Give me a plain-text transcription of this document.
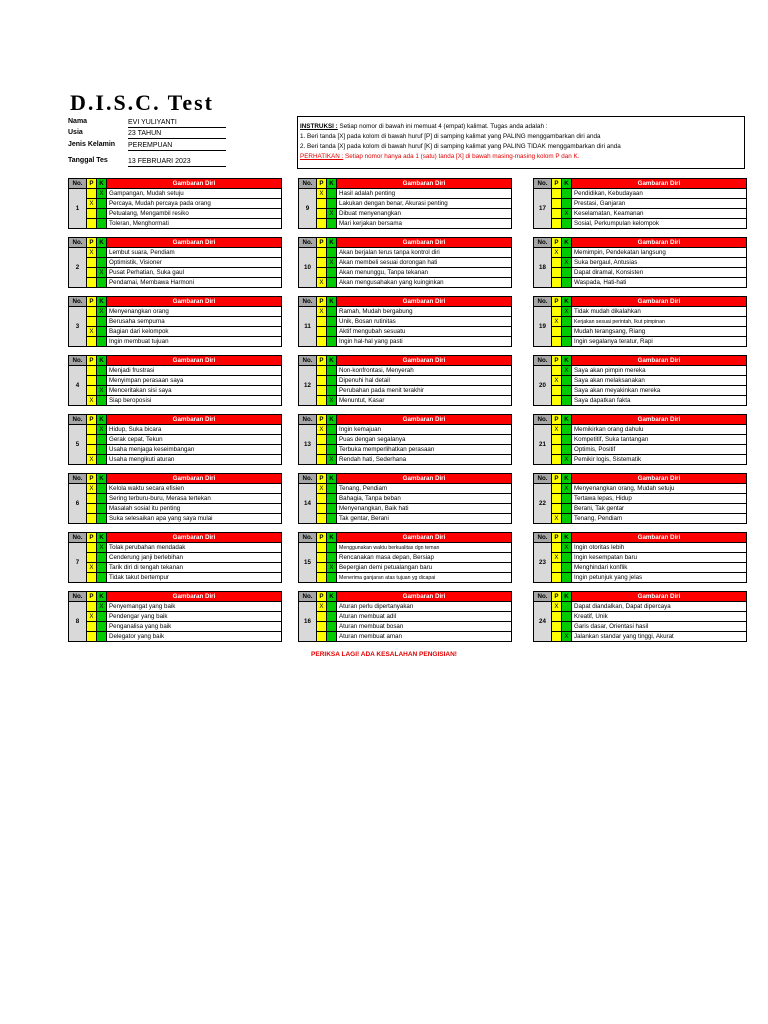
D.I.S.C. Test
Nama	EVI YULIYANTI
Usia	23 TAHUN
Jenis Kelamin PEREMPUAN
Tanggal Tes	13 FEBRUARI 2023
INSTRUKSI : Setiap nomor di bawah ini memuat 4 (empat) kalimat. Tugas anda adalah :
1. Beri tanda [X] pada kolom di bawah huruf [P] di samping kalimat yang PALING menggambarkan diri anda
2. Beri tanda [X] pada kolom di bawah huruf [K] di samping kalimat yang PALING TIDAK menggambarkan diri anda
PERHATIKAN : Setiap nomor hanya ada 1 (satu) tanda [X] di bawah masing-masing kolom P dan K.
No.	P	K	Gambaran Diri
1		X	Gampangan, Mudah setuju
	X		Percaya, Mudah percaya pada orang
			Petualang, Mengambil resiko
			Toleran, Menghormati
No.	P	K	Gambaran Diri
2	X		Lembut suara, Pendiam
			Optimistik, Visioner
		X	Pusat Perhatian, Suka gaul
			Pendamai, Membawa Harmoni
No.	P	K	Gambaran Diri
3		X	Menyenangkan orang
			Berusaha sempurna
	X		Bagian dari kelompok
			Ingin membuat tujuan
No.	P	K	Gambaran Diri
4			Menjadi frustrasi
			Menyimpan perasaan saya
		X	Menceritakan sisi saya
	X		Siap beroposisi
No.	P	K	Gambaran Diri
5		X	Hidup, Suka bicara
			Gerak cepat, Tekun
			Usaha menjaga keseimbangan
	X		Usaha mengikuti aturan
No.	P	K	Gambaran Diri
6	X		Kelola waktu secara efisien
			Sering terburu-buru, Merasa tertekan
			Masalah sosial itu penting
			Suka selesaikan apa yang saya mulai
No.	P	K	Gambaran Diri
7		X	Tolak perubahan mendadak
			Cenderung janji berlebihan
	X		Tarik diri di tengah tekanan
			Tidak takut bertempur
No.	P	K	Gambaran Diri
8		X	Penyemangat yang baik
	X		Pendengar yang baik
			Penganalisa yang baik
			Delegator yang baik
No.	P	K	Gambaran Diri
9	X		Hasil adalah penting
			Lakukan dengan benar, Akurasi penting
		X	Dibuat menyenangkan
			Mari kerjakan bersama
No.	P	K	Gambaran Diri
10			Akan berjalan terus tanpa kontrol diri
		X	Akan membeli sesuai dorongan hati
			Akan menunggu, Tanpa tekanan
	X		Akan mengusahakan yang kuinginkan
No.	P	K	Gambaran Diri
11	X		Ramah, Mudah bergabung
			Unik, Bosan rutinitas
			Aktif mengubah sesuatu
			Ingin hal-hal yang pasti
No.	P	K	Gambaran Diri
12			Non-konfrontasi, Menyerah
			Dipenuhi hal detail
			Perubahan pada menit terakhir
		X	Menuntut, Kasar
No.	P	K	Gambaran Diri
13	X		Ingin kemajuan
			Puas dengan segalanya
			Terbuka memperlihatkan perasaan
		X	Rendah hati, Sederhana
No.	P	K	Gambaran Diri
14	X		Tenang, Pendiam
			Bahagia, Tanpa beban
			Menyenangkan, Baik hati
			Tak gentar, Berani
No.	P	K	Gambaran Diri
15			Menggunakan waktu berkualitas dgn teman
			Rencanakan masa depan, Bersiap
		X	Bepergian demi petualangan baru
			Menerima ganjaran atas tujuan yg dicapai
No.	P	K	Gambaran Diri
16	X		Aturan perlu dipertanyakan
			Aturan membuat adil
			Aturan membuat bosan
			Aturan membuat aman
No.	P	K	Gambaran Diri
17			Pendidikan, Kebudayaan
			Prestasi, Ganjaran
		X	Keselamatan, Keamanan
			Sosial, Perkumpulan kelompok
No.	P	K	Gambaran Diri
18	X		Memimpin, Pendekatan langsung
		X	Suka bergaul, Antusias
			Dapat diramal, Konsisten
			Waspada, Hati-hati
No.	P	K	Gambaran Diri
19		X	Tidak mudah dikalahkan
	X		Kerjakan sesuai perintah, Ikut pimpinan
			Mudah terangsang, Riang
			Ingin segalanya teratur, Rapi
No.	P	K	Gambaran Diri
20		X	Saya akan pimpin mereka
	X		Saya akan melaksanakan
			Saya akan meyakinkan mereka
			Saya dapatkan fakta
No.	P	K	Gambaran Diri
21	X		Memikirkan orang dahulu
			Kompetitif, Suka tantangan
			Optimis, Positif
		X	Pemikir logis, Sistematik
No.	P	K	Gambaran Diri
22		X	Menyenangkan orang, Mudah setuju
			Tertawa lepas, Hidup
			Berani, Tak gentar
	X		Tenang, Pendiam
No.	P	K	Gambaran Diri
23		X	Ingin otoritas lebih
	X		Ingin kesempatan baru
			Menghindari konflik
			Ingin petunjuk yang jelas
No.	P	K	Gambaran Diri
24	X		Dapat diandalkan, Dapat dipercaya
			Kreatif, Unik
			Garis dasar, Orientasi hasil
		X	Jalankan standar yang tinggi, Akurat
PERIKSA LAGI! ADA KESALAHAN PENGISIAN!
